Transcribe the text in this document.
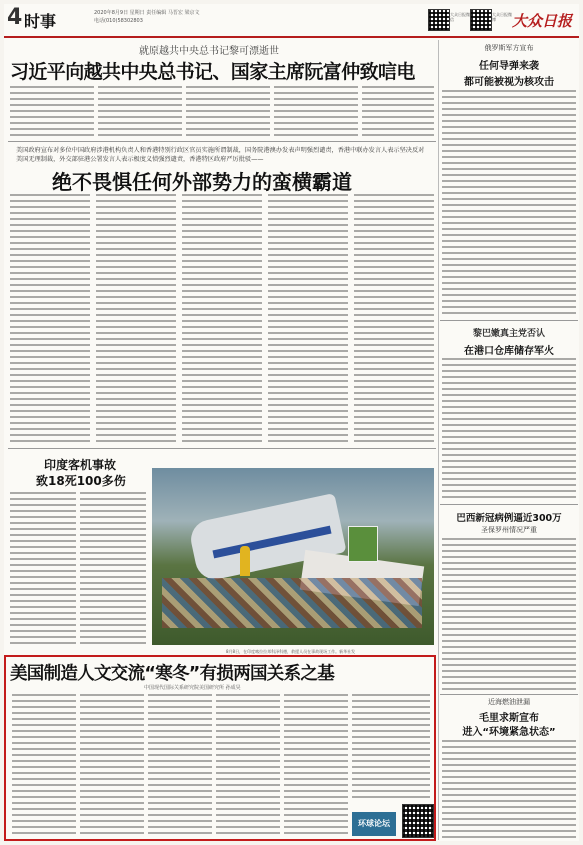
4 时事	2020年8月9日 星期日 责任编辑 马晋宏 梁京文
电话(010)58302803
大众日报微信
大众日报微博	大众日报
就原越共中央总书记黎可漂逝世
习近平向越共中央总书记、国家主席阮富仲致唁电
美国政府宣布对多位中国政府涉港机构负责人和香港特别行政区官员实施所谓制裁，国务院港澳办发表声明强烈谴责，香港中联办发言人表示坚决反对美国无理制裁，外交部驻港公署发言人表示极度义愤强烈谴责，香港特区政府严厉批驳——
绝不畏惧任何外部势力的蛮横霸道
印度客机事故
致18死100多伤
8月8日，在印度喀拉拉邦科泽科德，救援人员在事故现场工作。新华社发
美国制造人文交流“寒冬”有损两国关系之基
中国现代国际关系研究院美国研究所 孙成昊
环球论坛
俄罗斯军方宣布
任何导弹来袭
都可能被视为核攻击
黎巴嫩真主党否认
在港口仓库储存军火
巴西新冠病例逼近300万
圣保罗州情况严重
近海燃油泄漏
毛里求斯宣布
进入“环境紧急状态”
